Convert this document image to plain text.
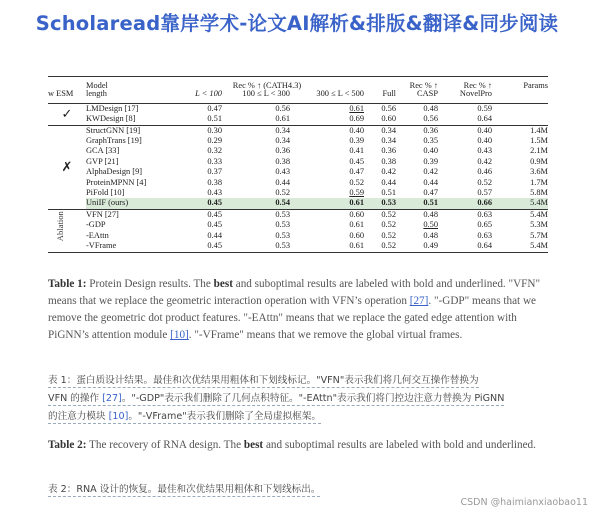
Scholaread靠岸学术-论文AI解析&排版&翻译&同步阅读
	Model	Rec % ↑ (CATH4.3)				Rec % ↑	Rec % ↑	Params
w ESM	length	L < 100	100 ≤ L < 300	300 ≤ L < 500	Full	CASP	NovelPro	
✓	LMDesign [17]	0.47	0.56	0.61	0.56	0.48	0.59	
	KWDesign [8]	0.51	0.61	0.69	0.60	0.56	0.64	
✗	StructGNN [19]	0.30	0.34	0.40	0.34	0.36	0.40	1.4M
	GraphTrans [19]	0.29	0.34	0.39	0.34	0.35	0.40	1.5M
	GCA [33]	0.32	0.36	0.41	0.36	0.40	0.43	2.1M
	GVP [21]	0.33	0.38	0.45	0.38	0.39	0.42	0.9M
	AlphaDesign [9]	0.37	0.43	0.47	0.42	0.42	0.46	3.6M
	ProteinMPNN [4]	0.38	0.44	0.52	0.44	0.44	0.52	1.7M
	PiFold [10]	0.43	0.52	0.59	0.51	0.47	0.57	5.8M
	UniIF (ours)	0.45	0.54	0.61	0.53	0.51	0.66	5.4M

Ablation	VFN [27]	0.45	0.53	0.60	0.52	0.48	0.63	5.4M
	-GDP	0.45	0.53	0.61	0.52	0.50	0.65	5.3M
	-EAttn	0.44	0.53	0.60	0.52	0.48	0.63	5.7M
	-VFrame	0.45	0.53	0.61	0.52	0.49	0.64	5.4M
Table 1: Protein Design results. The best and suboptimal results are labeled with bold and underlined. "VFN" means that we replace the geometric interaction operation with VFN’s operation [27]. "-GDP" means that we remove the geometric dot product features. "-EAttn" means that we replace the gated edge attention with PiGNN’s attention module [10]. "-VFrame" means that we remove the global virtual frames.
表 1：蛋白质设计结果。最佳和次优结果用粗体和下划线标记。"VFN"表示我们将几何交互操作替换为
VFN 的操作 [27]。"-GDP"表示我们删除了几何点积特征。"-EAttn"表示我们将门控边注意力替换为 PiGNN
的注意力模块 [10]。"-VFrame"表示我们删除了全局虚拟框架。
Table 2: The recovery of RNA design. The best and suboptimal results are labeled with bold and underlined.
表 2：RNA 设计的恢复。最佳和次优结果用粗体和下划线标出。
CSDN @haimianxiaobao11
